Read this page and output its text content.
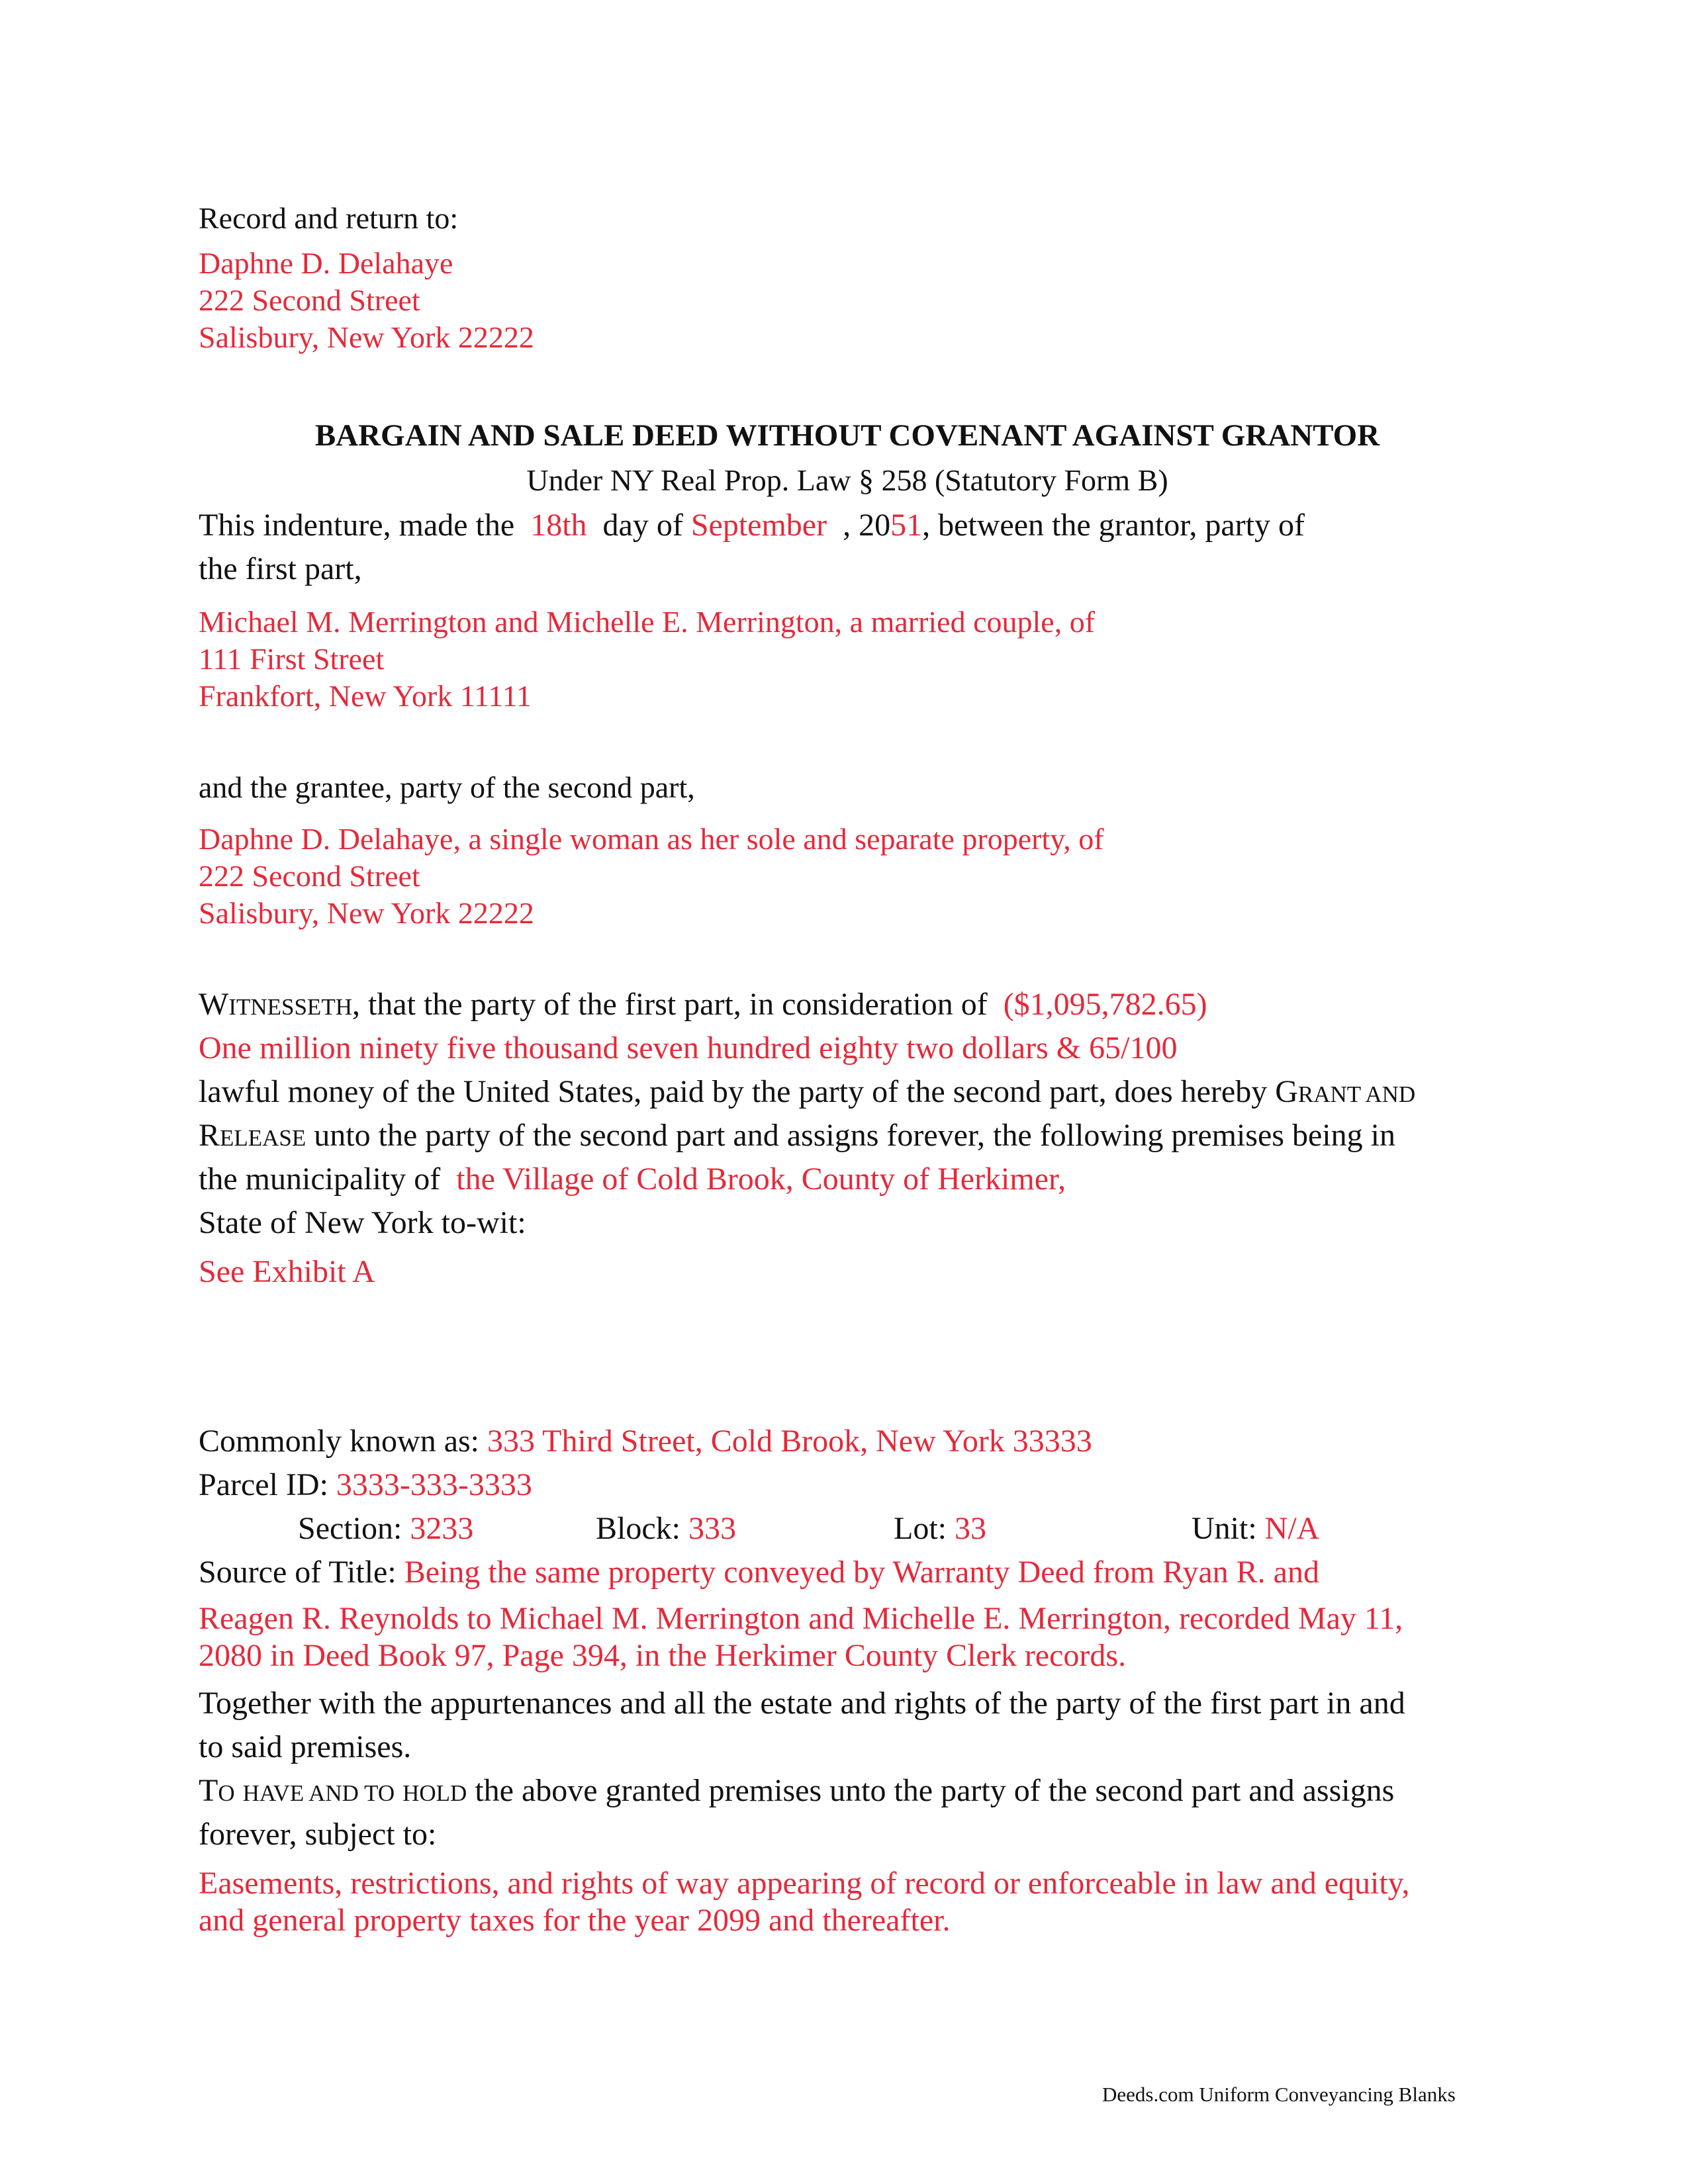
Record and return to:
Daphne D. Delahaye
222 Second Street
Salisbury, New York 22222
BARGAIN AND SALE DEED WITHOUT COVENANT AGAINST GRANTOR
Under NY Real Prop. Law § 258 (Statutory Form B)
This indenture, made the 18th day of September , 2051, between the grantor, party of
the first part,
Michael M. Merrington and Michelle E. Merrington, a married couple, of
111 First Street
Frankfort, New York 11111
and the grantee, party of the second part,
Daphne D. Delahaye, a single woman as her sole and separate property, of
222 Second Street
Salisbury, New York 22222
WITNESSETH, that the party of the first part, in consideration of ($1,095,782.65)
One million ninety five thousand seven hundred eighty two dollars & 65/100
lawful money of the United States, paid by the party of the second part, does hereby GRANT AND
RELEASE unto the party of the second part and assigns forever, the following premises being in
the municipality of the Village of Cold Brook, County of Herkimer,
State of New York to-wit:
See Exhibit A
Commonly known as: 333 Third Street, Cold Brook, New York 33333
Parcel ID: 3333-333-3333
Section: 3233	Block: 333	Lot: 33	Unit: N/A
Source of Title: Being the same property conveyed by Warranty Deed from Ryan R. and
Reagen R. Reynolds to Michael M. Merrington and Michelle E. Merrington, recorded May 11,
2080 in Deed Book 97, Page 394, in the Herkimer County Clerk records.
Together with the appurtenances and all the estate and rights of the party of the first part in and
to said premises.
TO HAVE AND TO HOLD the above granted premises unto the party of the second part and assigns
forever, subject to:
Easements, restrictions, and rights of way appearing of record or enforceable in law and equity,
and general property taxes for the year 2099 and thereafter.
Deeds.com Uniform Conveyancing Blanks
